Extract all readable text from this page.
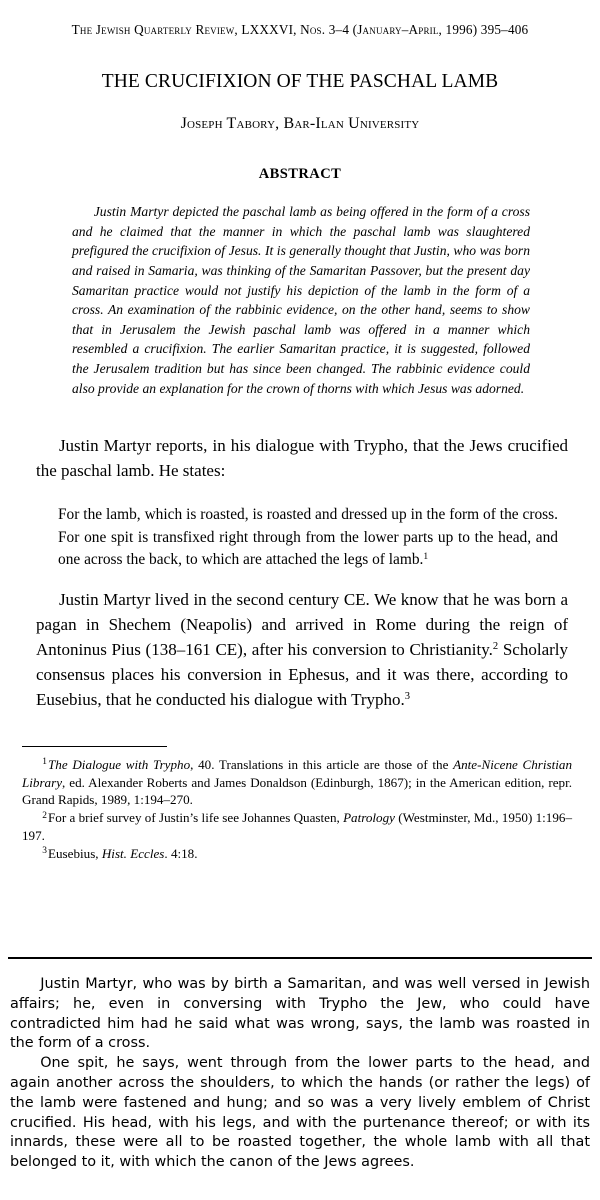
The Jewish Quarterly Review, LXXXVI, Nos. 3–4 (January–April, 1996) 395–406
THE CRUCIFIXION OF THE PASCHAL LAMB
Joseph Tabory, Bar-Ilan University
ABSTRACT

Justin Martyr depicted the paschal lamb as being offered in the form of a cross and he claimed that the manner in which the paschal lamb was slaughtered prefigured the crucifixion of Jesus. It is generally thought that Justin, who was born and raised in Samaria, was thinking of the Samaritan Passover, but the present day Samaritan practice would not justify his depiction of the lamb in the form of a cross. An examination of the rabbinic evidence, on the other hand, seems to show that in Jerusalem the Jewish paschal lamb was offered in a manner which resembled a crucifixion. The earlier Samaritan practice, it is suggested, followed the Jerusalem tradition but has since been changed. The rabbinic evidence could also provide an explanation for the crown of thorns with which Jesus was adorned.

Justin Martyr reports, in his dialogue with Trypho, that the Jews crucified the paschal lamb. He states:

For the lamb, which is roasted, is roasted and dressed up in the form of the cross. For one spit is transfixed right through from the lower parts up to the head, and one across the back, to which are attached the legs of lamb.$^1$

Justin Martyr lived in the second century CE. We know that he was born a pagan in Shechem (Neapolis) and arrived in Rome during the reign of Antoninus Pius (138–161 CE), after his conversion to Christianity.$^2$ Scholarly consensus places his conversion in Ephesus, and it was there, according to Eusebius, that he conducted his dialogue with Trypho.$^3$

$^1$The Dialogue with Trypho, 40. Translations in this article are those of the Ante-Nicene Christian Library, ed. Alexander Roberts and James Donaldson (Edinburgh, 1867); in the American edition, repr. Grand Rapids, 1989, 1:194–270.

$^2$For a brief survey of Justin’s life see Johannes Quasten, Patrology (Westminster, Md., 1950) 1:196–197.

$^3$Eusebius, Hist. Eccles. 4:18.

Justin Martyr, who was by birth a Samaritan, and was well versed in Jewish affairs; he, even in conversing with Trypho the Jew, who could have contradicted him had he said what was wrong, says, the lamb was roasted in the form of a cross.

One spit, he says, went through from the lower parts to the head, and again another across the shoulders, to which the hands (or rather the legs) of the lamb were fastened and hung; and so was a very lively emblem of Christ crucified. His head, with his legs, and with the purtenance thereof; or with its innards, these were all to be roasted together, the whole lamb with all that belonged to it, with which the canon of the Jews agrees.
